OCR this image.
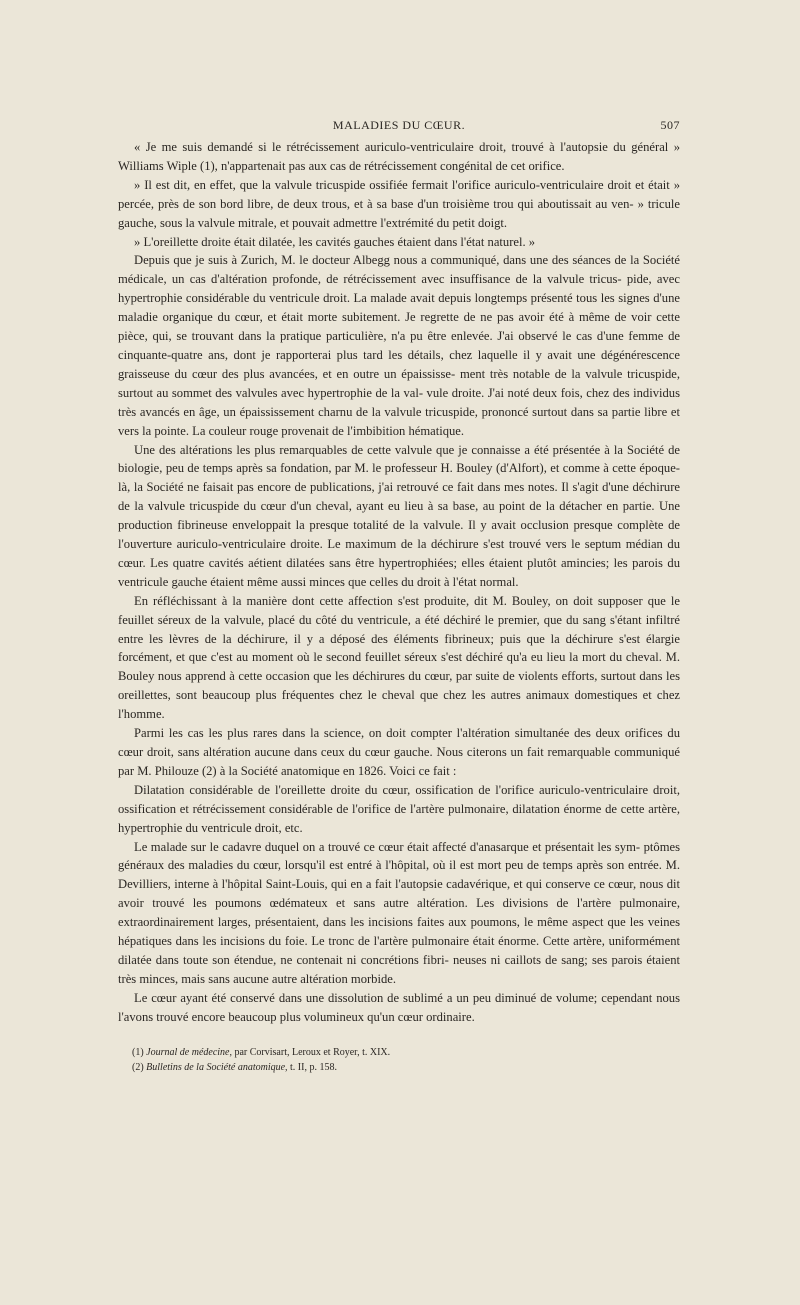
MALADIES DU CŒUR.	507

« Je me suis demandé si le rétrécissement auriculo-ventriculaire droit, trouvé à l'autopsie du général » Williams Wiple (1), n'appartenait pas aux cas de rétrécissement congénital de cet orifice.

» Il est dit, en effet, que la valvule tricuspide ossifiée fermait l'orifice auriculo-ventriculaire droit et était » percée, près de son bord libre, de deux trous, et à sa base d'un troisième trou qui aboutissait au ven- » tricule gauche, sous la valvule mitrale, et pouvait admettre l'extrémité du petit doigt.

» L'oreillette droite était dilatée, les cavités gauches étaient dans l'état naturel. »

Depuis que je suis à Zurich, M. le docteur Albegg nous a communiqué, dans une des séances de la Société médicale, un cas d'altération profonde, de rétrécissement avec insuffisance de la valvule tricus- pide, avec hypertrophie considérable du ventricule droit. La malade avait depuis longtemps présenté tous les signes d'une maladie organique du cœur, et était morte subitement. Je regrette de ne pas avoir été à même de voir cette pièce, qui, se trouvant dans la pratique particulière, n'a pu être enlevée. J'ai observé le cas d'une femme de cinquante-quatre ans, dont je rapporterai plus tard les détails, chez laquelle il y avait une dégénérescence graisseuse du cœur des plus avancées, et en outre un épaississe- ment très notable de la valvule tricuspide, surtout au sommet des valvules avec hypertrophie de la val- vule droite. J'ai noté deux fois, chez des individus très avancés en âge, un épaississement charnu de la valvule tricuspide, prononcé surtout dans sa partie libre et vers la pointe. La couleur rouge provenait de l'imbibition hématique.

Une des altérations les plus remarquables de cette valvule que je connaisse a été présentée à la Société de biologie, peu de temps après sa fondation, par M. le professeur H. Bouley (d'Alfort), et comme à cette époque-là, la Société ne faisait pas encore de publications, j'ai retrouvé ce fait dans mes notes. Il s'agit d'une déchirure de la valvule tricuspide du cœur d'un cheval, ayant eu lieu à sa base, au point de la détacher en partie. Une production fibrineuse enveloppait la presque totalité de la valvule. Il y avait occlusion presque complète de l'ouverture auriculo-ventriculaire droite. Le maximum de la déchirure s'est trouvé vers le septum médian du cœur. Les quatre cavités aétient dilatées sans être hypertrophiées; elles étaient plutôt amincies; les parois du ventricule gauche étaient même aussi minces que celles du droit à l'état normal.

En réfléchissant à la manière dont cette affection s'est produite, dit M. Bouley, on doit supposer que le feuillet séreux de la valvule, placé du côté du ventricule, a été déchiré le premier, que du sang s'étant infiltré entre les lèvres de la déchirure, il y a déposé des éléments fibrineux; puis que la déchirure s'est élargie forcément, et que c'est au moment où le second feuillet séreux s'est déchiré qu'a eu lieu la mort du cheval. M. Bouley nous apprend à cette occasion que les déchirures du cœur, par suite de violents efforts, surtout dans les oreillettes, sont beaucoup plus fréquentes chez le cheval que chez les autres animaux domestiques et chez l'homme.

Parmi les cas les plus rares dans la science, on doit compter l'altération simultanée des deux orifices du cœur droit, sans altération aucune dans ceux du cœur gauche. Nous citerons un fait remarquable communiqué par M. Philouze (2) à la Société anatomique en 1826. Voici ce fait :

Dilatation considérable de l'oreillette droite du cœur, ossification de l'orifice auriculo-ventriculaire droit, ossification et rétrécissement considérable de l'orifice de l'artère pulmonaire, dilatation énorme de cette artère, hypertrophie du ventricule droit, etc.

Le malade sur le cadavre duquel on a trouvé ce cœur était affecté d'anasarque et présentait les sym- ptômes généraux des maladies du cœur, lorsqu'il est entré à l'hôpital, où il est mort peu de temps après son entrée. M. Devilliers, interne à l'hôpital Saint-Louis, qui en a fait l'autopsie cadavérique, et qui conserve ce cœur, nous dit avoir trouvé les poumons œdémateux et sans autre altération. Les divisions de l'artère pulmonaire, extraordinairement larges, présentaient, dans les incisions faites aux poumons, le même aspect que les veines hépatiques dans les incisions du foie. Le tronc de l'artère pulmonaire était énorme. Cette artère, uniformément dilatée dans toute son étendue, ne contenait ni concrétions fibri- neuses ni caillots de sang; ses parois étaient très minces, mais sans aucune autre altération morbide.

Le cœur ayant été conservé dans une dissolution de sublimé a un peu diminué de volume; cependant nous l'avons trouvé encore beaucoup plus volumineux qu'un cœur ordinaire.

(1) Journal de médecine, par Corvisart, Leroux et Royer, t. XIX.

(2) Bulletins de la Société anatomique, t. II, p. 158.
